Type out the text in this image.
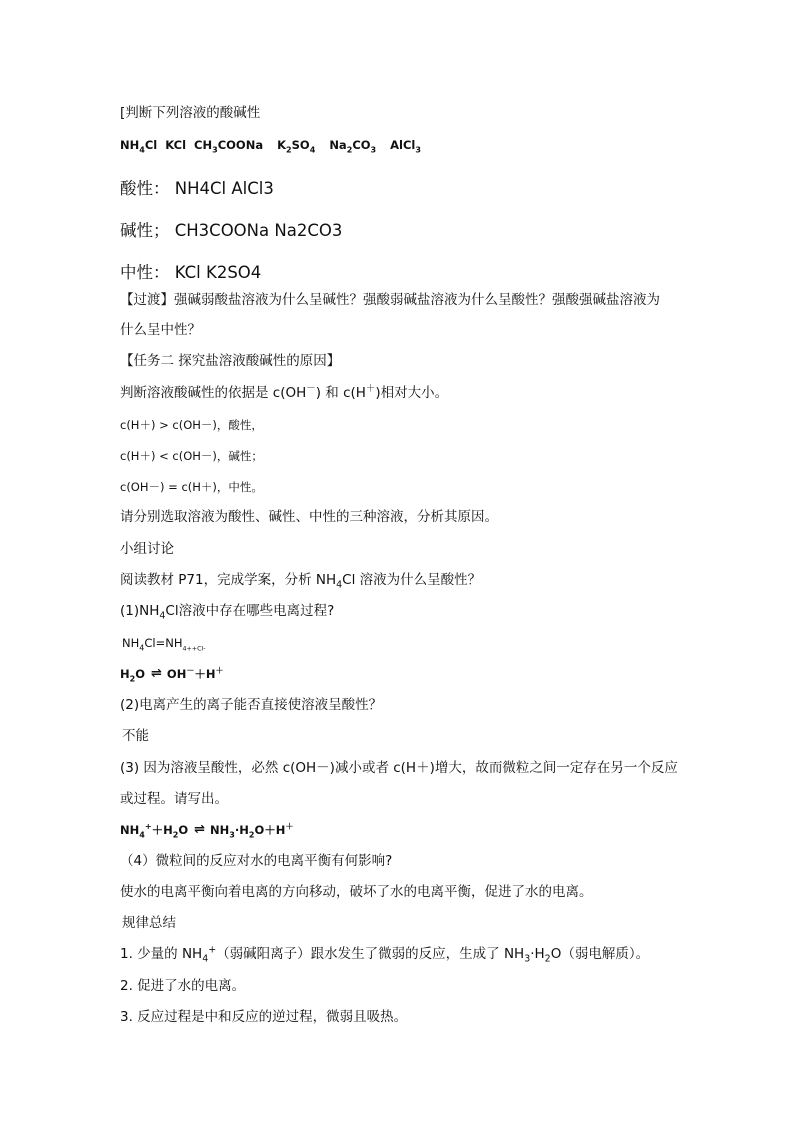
[判断下列溶液的酸碱性
$NH_4Cl$ KCl $CH_3COONa$ $K_2SO_4$ $Na_2CO_3$ AlCl$_3$
酸性： NH4Cl AlCl3
碱性； CH3COONa Na2CO3
中性： KCl K2SO4
【过渡】强碱弱酸盐溶液为什么呈碱性？强酸弱碱盐溶液为什么呈酸性？强酸强碱盐溶液为
什么呈中性？
【任务二 探究盐溶液酸碱性的原因】
判断溶液酸碱性的依据是 c(OH－) 和 c(H＋)相对大小。
c(H＋) > c(OH－)，酸性，
c(H＋) < c(OH－)，碱性；
c(OH－) = c(H＋)，中性。
请分别选取溶液为酸性、碱性、中性的三种溶液，分析其原因。
小组讨论
阅读教材 P71，完成学案，分析 $NH_4Cl$ 溶液为什么呈酸性？
$(1)NH_4Cl$溶液中存在哪些电离过程?
$NH_4Cl=NH_{4++Cl-}$
$H_2O$ ⇌ OH－＋H＋
(2)电离产生的离子能否直接使溶液呈酸性？
不能
(3) 因为溶液呈酸性，必然 c(OH－)减小或者 c(H＋)增大，故而微粒之间一定存在另一个反应
或过程。请写出。
$NH_4^++H_2O$ ⇌ $NH_3\cdot H_2O+H^+$
（4）微粒间的反应对水的电离平衡有何影响?
使水的电离平衡向着电离的方向移动，破坏了水的电离平衡，促进了水的电离。
规律总结
1. 少量的 $NH_4^+$（弱碱阳离子）跟水发生了微弱的反应，生成了 $NH_3\cdot H_2O$（弱电解质）。
2. 促进了水的电离。
3. 反应过程是中和反应的逆过程，微弱且吸热。
